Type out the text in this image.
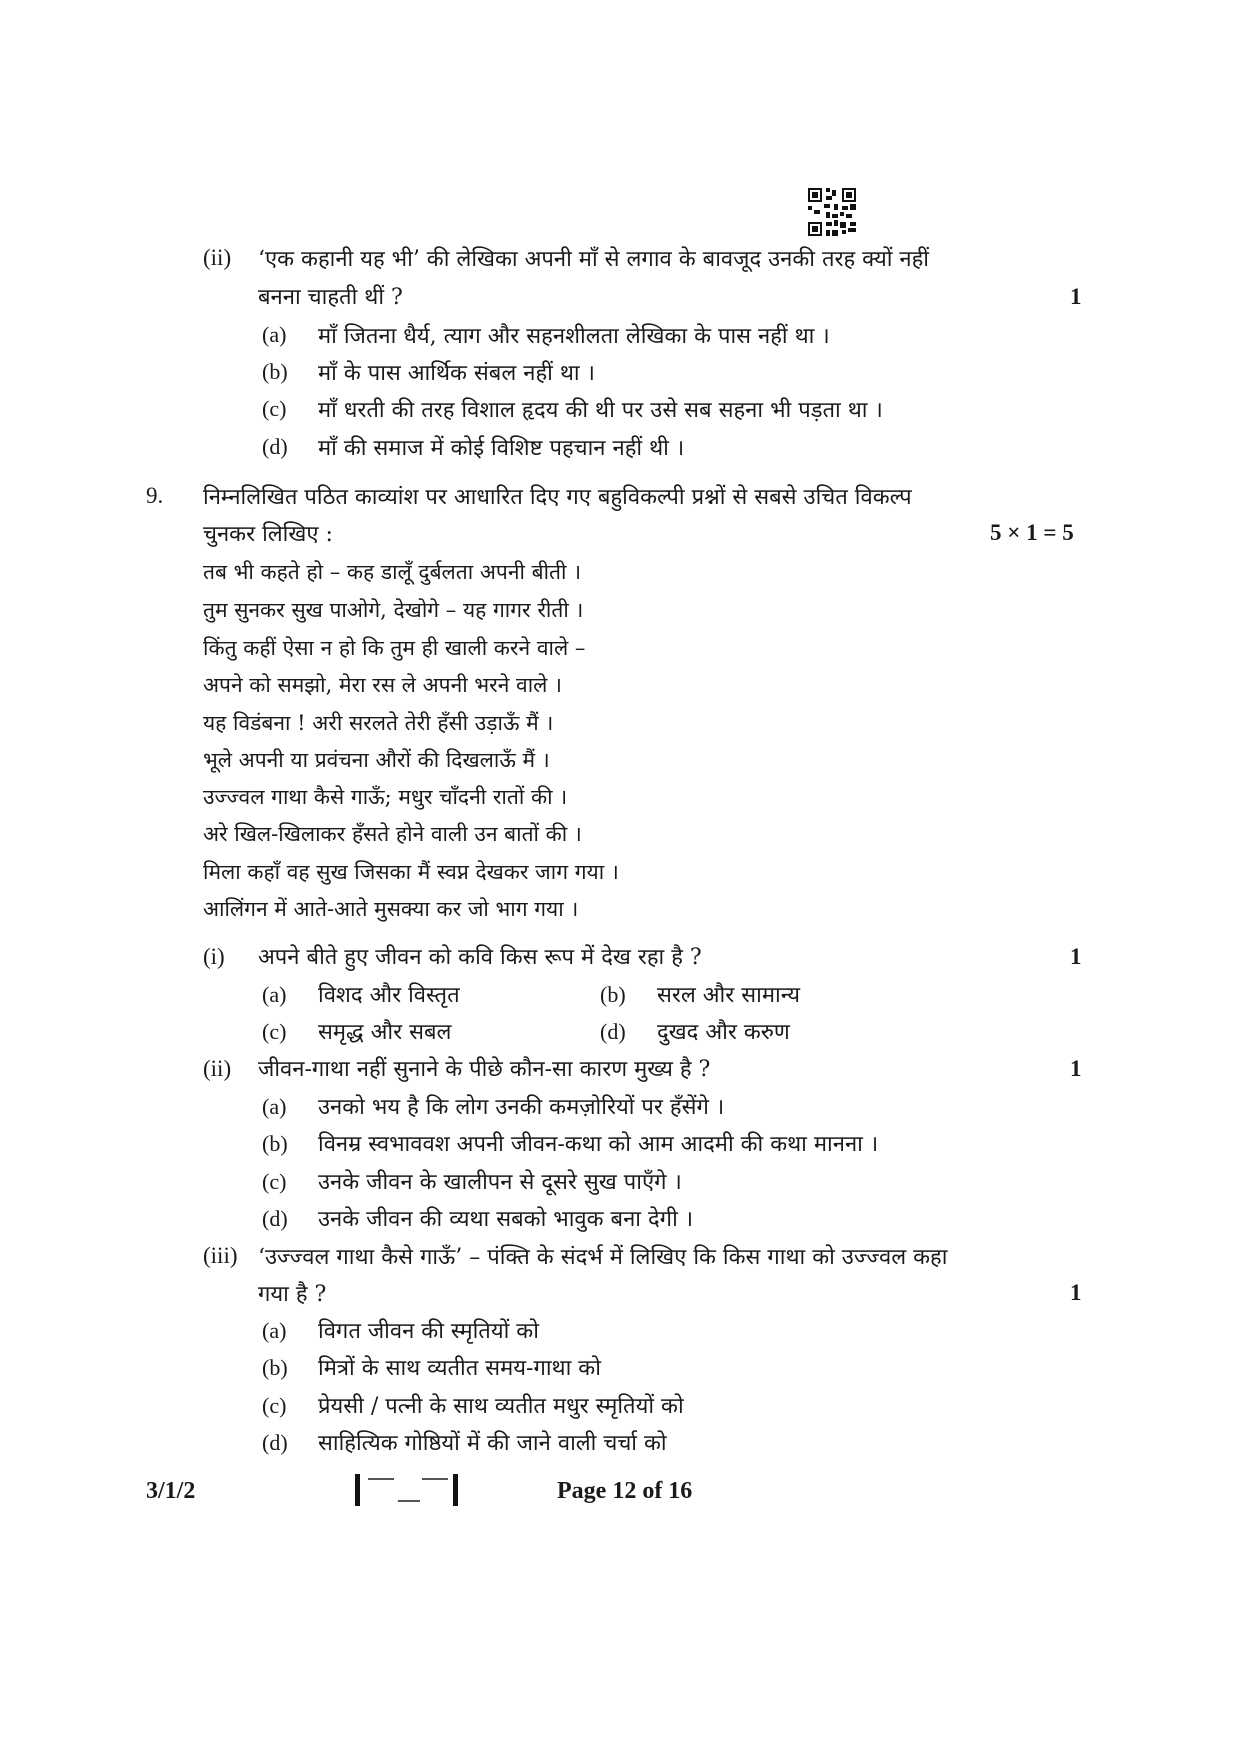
(ii) ‘एक कहानी यह भी’ की लेखिका अपनी माँ से लगाव के बावजूद उनकी तरह क्यों नहीं
बनना चाहती थीं ?	1
(a) माँ जितना धैर्य, त्याग और सहनशीलता लेखिका के पास नहीं था ।
(b) माँ के पास आर्थिक संबल नहीं था ।
(c) माँ धरती की तरह विशाल हृदय की थी पर उसे सब सहना भी पड़ता था ।
(d) माँ की समाज में कोई विशिष्ट पहचान नहीं थी ।
9. निम्नलिखित पठित काव्यांश पर आधारित दिए गए बहुविकल्पी प्रश्नों से सबसे उचित विकल्प
चुनकर लिखिए :	5 × 1 = 5
तब भी कहते हो – कह डालूँ दुर्बलता अपनी बीती ।
तुम सुनकर सुख पाओगे, देखोगे – यह गागर रीती ।
किंतु कहीं ऐसा न हो कि तुम ही खाली करने वाले –
अपने को समझो, मेरा रस ले अपनी भरने वाले ।
यह विडंबना ! अरी सरलते तेरी हँसी उड़ाऊँ मैं ।
भूले अपनी या प्रवंचना औरों की दिखलाऊँ मैं ।
उज्ज्वल गाथा कैसे गाऊँ; मधुर चाँदनी रातों की ।
अरे खिल-खिलाकर हँसते होने वाली उन बातों की ।
मिला कहाँ वह सुख जिसका मैं स्वप्न देखकर जाग गया ।
आलिंगन में आते-आते मुसक्या कर जो भाग गया ।
(i) अपने बीते हुए जीवन को कवि किस रूप में देख रहा है ?	1
(a) विशद और विस्तृत	(b) सरल और सामान्य
(c) समृद्ध और सबल	(d) दुखद और करुण
(ii) जीवन-गाथा नहीं सुनाने के पीछे कौन-सा कारण मुख्य है ?	1
(a) उनको भय है कि लोग उनकी कमज़ोरियों पर हँसेंगे ।
(b) विनम्र स्वभाववश अपनी जीवन-कथा को आम आदमी की कथा मानना ।
(c) उनके जीवन के खालीपन से दूसरे सुख पाएँगे ।
(d) उनके जीवन की व्यथा सबको भावुक बना देगी ।
(iii) ‘उज्ज्वल गाथा कैसे गाऊँ’ – पंक्ति के संदर्भ में लिखिए कि किस गाथा को उज्ज्वल कहा
गया है ?	1
(a) विगत जीवन की स्मृतियों को
(b) मित्रों के साथ व्यतीत समय-गाथा को
(c) प्रेयसी / पत्नी के साथ व्यतीत मधुर स्मृतियों को
(d) साहित्यिक गोष्ठियों में की जाने वाली चर्चा को
3/1/2	Page 12 of 16
